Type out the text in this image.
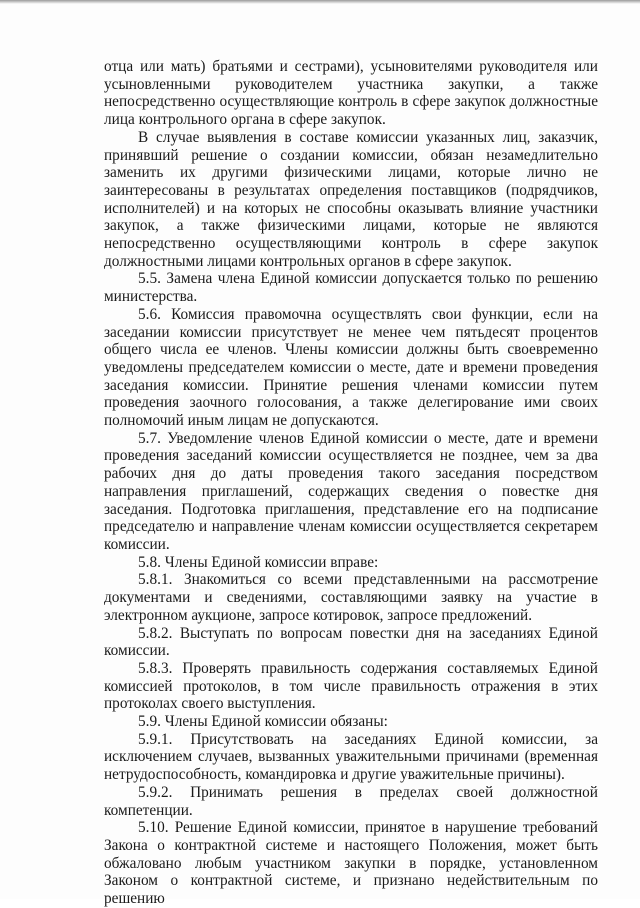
отца или мать) братьями и сестрами), усыновителями руководителя или усыновленными руководителем участника закупки, а также непосредственно осуществляющие контроль в сфере закупок должностные лица контрольного органа в сфере закупок.

В случае выявления в составе комиссии указанных лиц, заказчик, принявший решение о создании комиссии, обязан незамедлительно заменить их другими физическими лицами, которые лично не заинтересованы в результатах определения поставщиков (подрядчиков, исполнителей) и на которых не способны оказывать влияние участники закупок, а также физическими лицами, которые не являются непосредственно осуществляющими контроль в сфере закупок должностными лицами контрольных органов в сфере закупок.

5.5. Замена члена Единой комиссии допускается только по решению министерства.

5.6. Комиссия правомочна осуществлять свои функции, если на заседании комиссии присутствует не менее чем пятьдесят процентов общего числа ее членов. Члены комиссии должны быть своевременно уведомлены председателем комиссии о месте, дате и времени проведения заседания комиссии. Принятие решения членами комиссии путем проведения заочного голосования, а также делегирование ими своих полномочий иным лицам не допускаются.

5.7. Уведомление членов Единой комиссии о месте, дате и времени проведения заседаний комиссии осуществляется не позднее, чем за два рабочих дня до даты проведения такого заседания посредством направления приглашений, содержащих сведения о повестке дня заседания. Подготовка приглашения, представление его на подписание председателю и направление членам комиссии осуществляется секретарем комиссии.

5.8. Члены Единой комиссии вправе:

5.8.1. Знакомиться со всеми представленными на рассмотрение документами и сведениями, составляющими заявку на участие в электронном аукционе, запросе котировок, запросе предложений.

5.8.2. Выступать по вопросам повестки дня на заседаниях Единой комиссии.

5.8.3. Проверять правильность содержания составляемых Единой комиссией протоколов, в том числе правильность отражения в этих протоколах своего выступления.

5.9. Члены Единой комиссии обязаны:

5.9.1. Присутствовать на заседаниях Единой комиссии, за исключением случаев, вызванных уважительными причинами (временная нетрудоспособность, командировка и другие уважительные причины).

5.9.2. Принимать решения в пределах своей должностной компетенции.

5.10. Решение Единой комиссии, принятое в нарушение требований Закона о контрактной системе и настоящего Положения, может быть обжаловано любым участником закупки в порядке, установленном Законом о контрактной системе, и признано недействительным по решению
